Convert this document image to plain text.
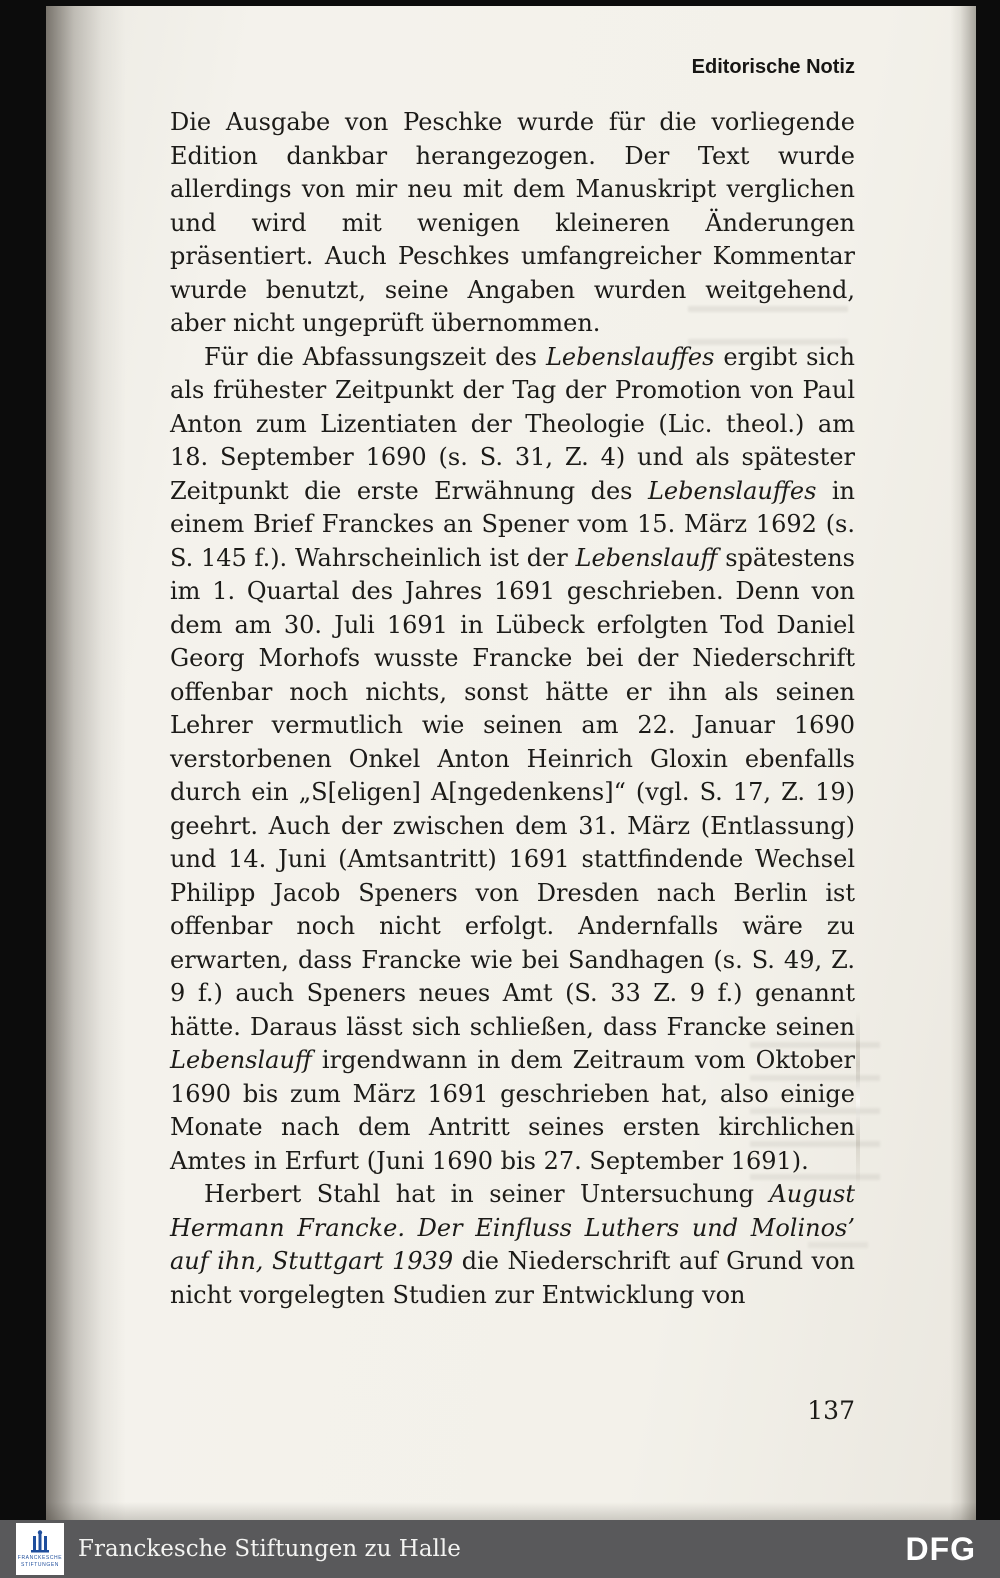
Editorische Notiz

Die Ausgabe von Peschke wurde für die vorliegende Edition dankbar herangezogen. Der Text wurde allerdings von mir neu mit dem Manuskript verglichen und wird mit wenigen kleineren Änderungen präsentiert. Auch Peschkes umfangreicher Kommentar wurde benutzt, seine Angaben wurden weitgehend, aber nicht ungeprüft übernommen.

Für die Abfassungszeit des Lebenslauffes ergibt sich als frühester Zeitpunkt der Tag der Promotion von Paul Anton zum Lizentiaten der Theologie (Lic. theol.) am 18. September 1690 (s. S. 31, Z. 4) und als spätester Zeitpunkt die erste Erwähnung des Lebenslauffes in einem Brief Franckes an Spener vom 15. März 1692 (s. S. 145 f.). Wahrscheinlich ist der Lebenslauff spätestens im 1. Quartal des Jahres 1691 geschrieben. Denn von dem am 30. Juli 1691 in Lübeck erfolgten Tod Daniel Georg Morhofs wusste Francke bei der Niederschrift offenbar noch nichts, sonst hätte er ihn als seinen Lehrer vermutlich wie seinen am 22. Januar 1690 verstorbenen Onkel Anton Heinrich Gloxin ebenfalls durch ein „S[eligen] A[ngedenkens]“ (vgl. S. 17, Z. 19) geehrt. Auch der zwischen dem 31. März (Entlassung) und 14. Juni (Amtsantritt) 1691 stattfindende Wechsel Philipp Jacob Speners von Dresden nach Berlin ist offenbar noch nicht erfolgt. Andernfalls wäre zu erwarten, dass Francke wie bei Sandhagen (s. S. 49, Z. 9 f.) auch Speners neues Amt (S. 33 Z. 9 f.) genannt hätte. Daraus lässt sich schließen, dass Francke seinen Lebenslauff irgendwann in dem Zeitraum vom Oktober 1690 bis zum März 1691 geschrieben hat, also einige Monate nach dem Antritt seines ersten kirchlichen Amtes in Erfurt (Juni 1690 bis 27. September 1691).

Herbert Stahl hat in seiner Untersuchung August Hermann Francke. Der Einfluss Luthers und Molinos’ auf ihn, Stuttgart 1939 die Niederschrift auf Grund von nicht vorgelegten Studien zur Entwicklung von

137
FRANCKESCHE
STIFTUNGEN
Franckesche Stiftungen zu Halle	DFG
